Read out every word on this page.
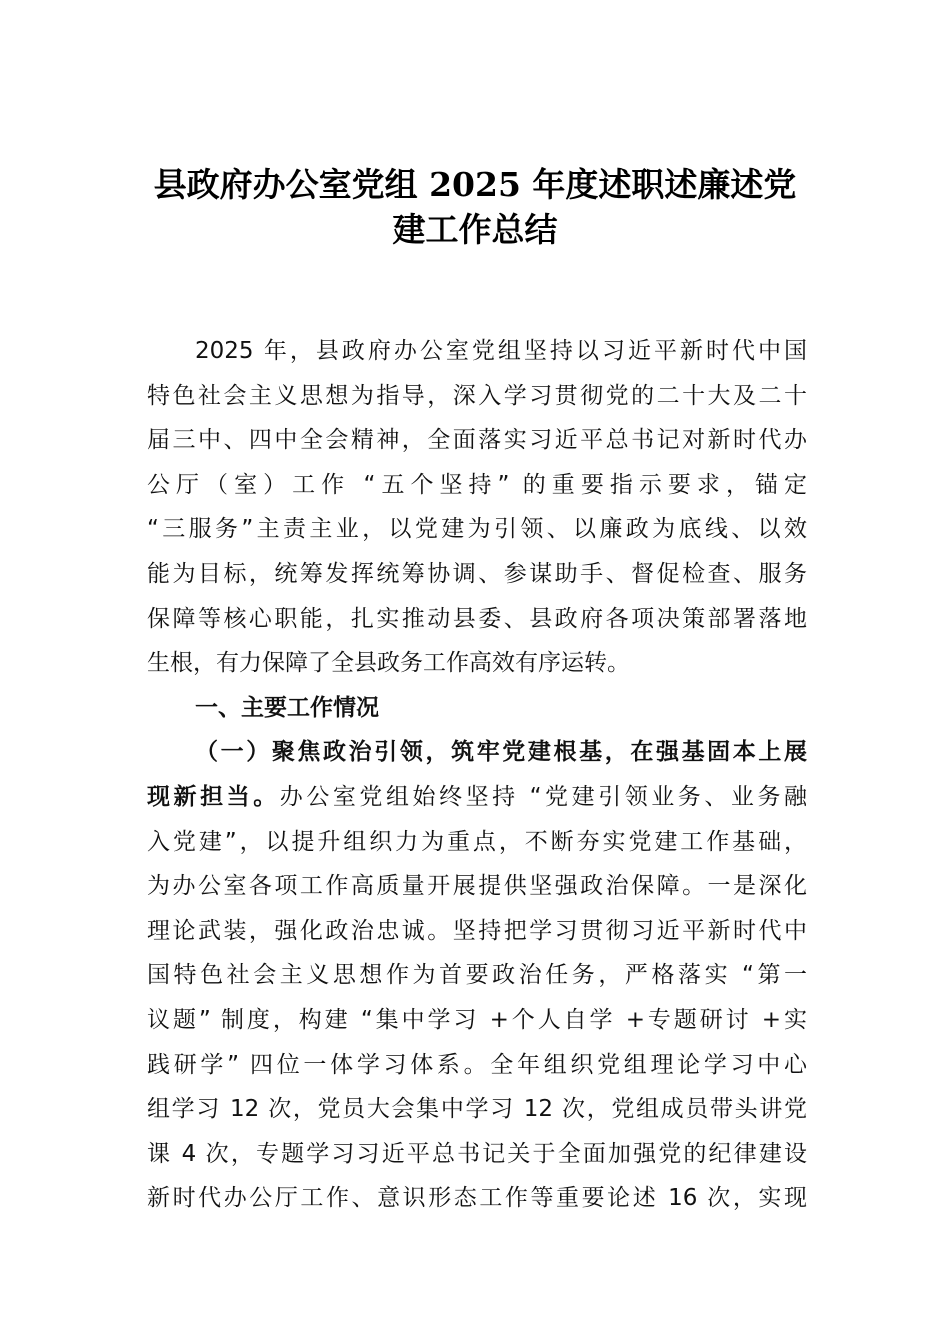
县政府办公室党组 2025 年度述职述廉述党
建工作总结
2025 年，县政府办公室党组坚持以习近平新时代中国
特色社会主义思想为指导，深入学习贯彻党的二十大及二十
届三中、四中全会精神，全面落实习近平总书记对新时代办
公厅（室）工作 “五个坚持” 的重要指示要求，锚定
“三服务”主责主业，以党建为引领、以廉政为底线、以效
能为目标，统筹发挥统筹协调、参谋助手、督促检查、服务
保障等核心职能，扎实推动县委、县政府各项决策部署落地
生根，有力保障了全县政务工作高效有序运转。
一、主要工作情况
（一）聚焦政治引领，筑牢党建根基，在强基固本上展
现新担当。办公室党组始终坚持 “党建引领业务、业务融
入党建”，以提升组织力为重点，不断夯实党建工作基础，
为办公室各项工作高质量开展提供坚强政治保障。一是深化
理论武装，强化政治忠诚。坚持把学习贯彻习近平新时代中
国特色社会主义思想作为首要政治任务，严格落实 “第一
议题” 制度，构建 “集中学习 +个人自学 +专题研讨 +实
践研学” 四位一体学习体系。全年组织党组理论学习中心
组学习 12 次，党员大会集中学习 12 次，党组成员带头讲党
课 4 次，专题学习习近平总书记关于全面加强党的纪律建设
新时代办公厅工作、意识形态工作等重要论述 16 次，实现
